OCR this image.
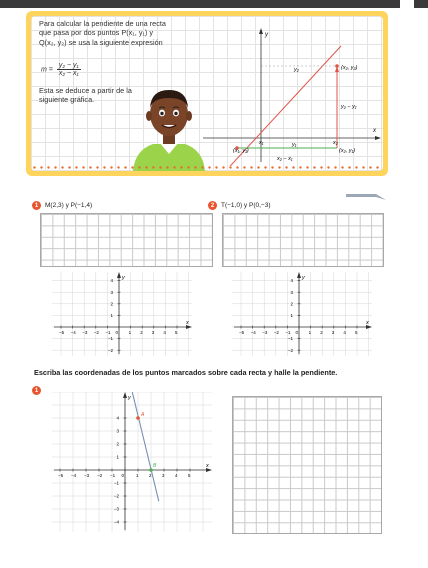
Para calcular la pendiente de una recta

que pasa por dos puntos P(x₁, y₁) y

Q(x₂, y₂) se usa la siguiente expresión

$m = \frac{\text{y₂ − y₁}}{\text{x₂ − x₁}}$

Esta se deduce a partir de la

siguiente gráfica.

y
x
y₂	(x₂, y₂)
y₂ − y₁
x₁	y₁	x₂
(x₁, y₁)	(x₂, y₁)
x₂ − x₁
1	M(2,3) y P(−1,4)	2	T(−1,0) y P(0,−3)
x
y
−5 −4 −3 −2 −1 0 1 2 3 4 5
4
3
2
1
−1
−2
x
y
−5 −4 −3 −2 −1 0 1 2 3 4 5
4
3
2
1
−1
−2
Escriba las coordenadas de los puntos marcados sobre cada recta y halle la pendiente.
1
x
y
−5 −4 −3 −2 −1 0	1 2 3 4 5
4
3
2
1
−1
−2
−3
−4
A
B
